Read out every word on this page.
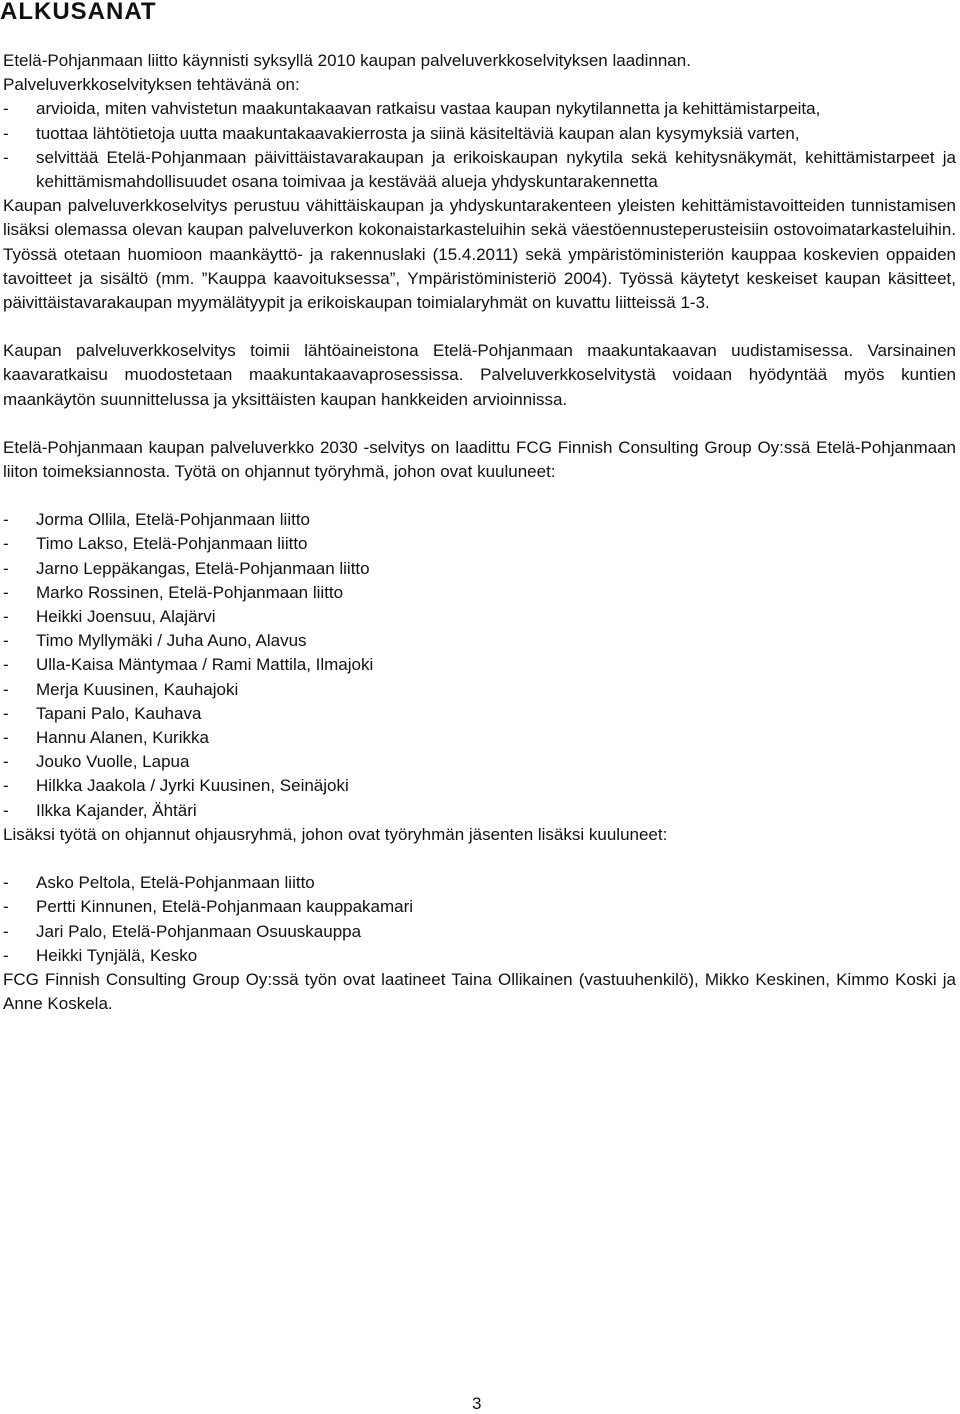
ALKUSANAT

Etelä-Pohjanmaan liitto käynnisti syksyllä 2010 kaupan palveluverkkoselvityksen laadinnan.

Palveluverkkoselvityksen tehtävänä on:

- arvioida, miten vahvistetun maakuntakaavan ratkaisu vastaa kaupan nykytilannetta ja kehittämistarpeita,
- tuottaa lähtötietoja uutta maakuntakaavakierrosta ja siinä käsiteltäviä kaupan alan kysymyksiä varten,
- selvittää Etelä-Pohjanmaan päivittäistavarakaupan ja erikoiskaupan nykytila sekä kehitysnäkymät, kehittämistarpeet ja kehittämismahdollisuudet osana toimivaa ja kestävää alueja yhdyskuntarakennetta

Kaupan palveluverkkoselvitys perustuu vähittäiskaupan ja yhdyskuntarakenteen yleisten kehittämistavoitteiden tunnistamisen lisäksi olemassa olevan kaupan palveluverkon kokonaistarkasteluihin sekä väestöennusteperusteisiin ostovoimatarkasteluihin. Työssä otetaan huomioon maankäyttö- ja rakennuslaki (15.4.2011) sekä ympäristöministeriön kauppaa koskevien oppaiden tavoitteet ja sisältö (mm. ”Kauppa kaavoituksessa”, Ympäristöministeriö 2004). Työssä käytetyt keskeiset kaupan käsitteet, päivittäistavarakaupan myymälätyypit ja erikoiskaupan toimialaryhmät on kuvattu liitteissä 1-3.

Kaupan palveluverkkoselvitys toimii lähtöaineistona Etelä-Pohjanmaan maakuntakaavan uudistamisessa. Varsinainen kaavaratkaisu muodostetaan maakuntakaavaprosessissa. Palveluverkkoselvitystä voidaan hyödyntää myös kuntien maankäytön suunnittelussa ja yksittäisten kaupan hankkeiden arvioinnissa.

Etelä-Pohjanmaan kaupan palveluverkko 2030 -selvitys on laadittu FCG Finnish Consulting Group Oy:ssä Etelä-Pohjanmaan liiton toimeksiannosta. Työtä on ohjannut työryhmä, johon ovat kuuluneet:

- Jorma Ollila, Etelä-Pohjanmaan liitto
- Timo Lakso, Etelä-Pohjanmaan liitto
- Jarno Leppäkangas, Etelä-Pohjanmaan liitto
- Marko Rossinen, Etelä-Pohjanmaan liitto
- Heikki Joensuu, Alajärvi
- Timo Myllymäki / Juha Auno, Alavus
- Ulla-Kaisa Mäntymaa / Rami Mattila, Ilmajoki
- Merja Kuusinen, Kauhajoki
- Tapani Palo, Kauhava
- Hannu Alanen, Kurikka
- Jouko Vuolle, Lapua
- Hilkka Jaakola / Jyrki Kuusinen, Seinäjoki
- Ilkka Kajander, Ähtäri

Lisäksi työtä on ohjannut ohjausryhmä, johon ovat työryhmän jäsenten lisäksi kuuluneet:

- Asko Peltola, Etelä-Pohjanmaan liitto
- Pertti Kinnunen, Etelä-Pohjanmaan kauppakamari
- Jari Palo, Etelä-Pohjanmaan Osuuskauppa
- Heikki Tynjälä, Kesko

FCG Finnish Consulting Group Oy:ssä työn ovat laatineet Taina Ollikainen (vastuuhenkilö), Mikko Keskinen, Kimmo Koski ja Anne Koskela.

3
